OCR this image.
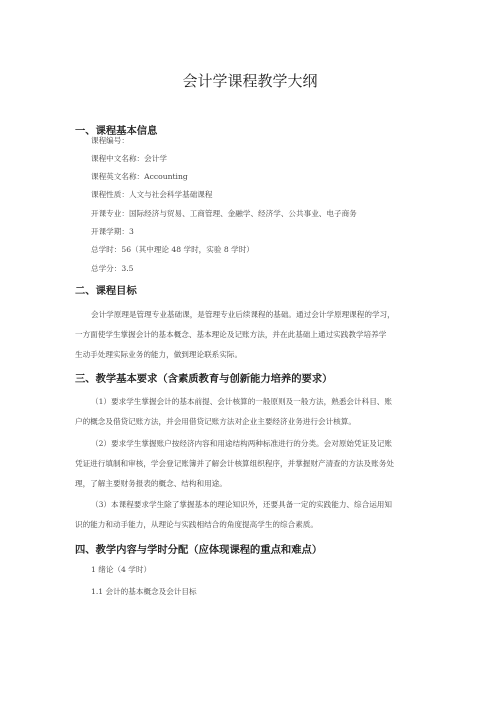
会计学课程教学大纲
一、课程基本信息
课程编号：
课程中文名称：会计学
课程英文名称：Accounting
课程性质：人文与社会科学基础课程
开课专业：国际经济与贸易、工商管理、金融学、经济学、公共事业、电子商务
开课学期：3
总学时：56（其中理论 48 学时，实验 8 学时）
总学分：3.5
二、课程目标
会计学原理是管理专业基础课，是管理专业后续课程的基础。通过会计学原理课程的学习，
一方面使学生掌握会计的基本概念、基本理论及记账方法，并在此基础上通过实践教学培养学
生动手处理实际业务的能力，做到理论联系实际。
三、教学基本要求（含素质教育与创新能力培养的要求）
（1）要求学生掌握会计的基本前提、会计核算的一般原则及一般方法，熟悉会计科目、账
户的概念及借贷记账方法，并会用借贷记账方法对企业主要经济业务进行会计核算。
（2）要求学生掌握账户按经济内容和用途结构两种标准进行的分类。会对原始凭证及记账
凭证进行填制和审核，学会登记账簿并了解会计核算组织程序，并掌握财产清查的方法及账务处
理，了解主要财务报表的概念、结构和用途。
（3）本课程要求学生除了掌握基本的理论知识外，还要具备一定的实践能力、综合运用知
识的能力和动手能力，从理论与实践相结合的角度提高学生的综合素质。
四、教学内容与学时分配（应体现课程的重点和难点）
1 绪论（4 学时）
1.1 会计的基本概念及会计目标
